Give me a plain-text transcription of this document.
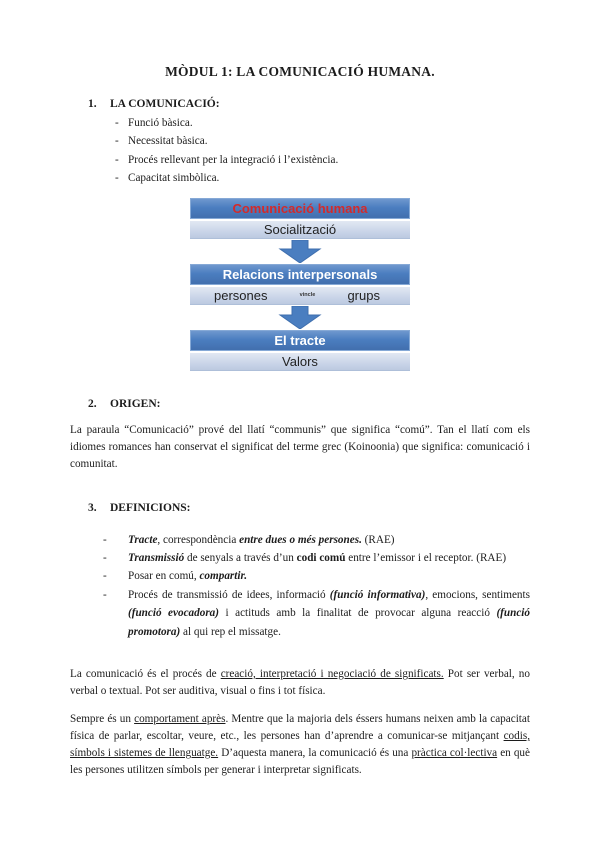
MÒDUL 1: LA COMUNICACIÓ HUMANA.
1.	LA COMUNICACIÓ:
- Funció bàsica.
- Necessitat bàsica.
- Procés rellevant per la integració i l’existència.
- Capacitat simbòlica.
Comunicació humana
Socialització
Relacions interpersonals
persones	vincle grups
El tracte
Valors
2.	ORIGEN:

La paraula “Comunicació” prové del llatí “communis” que significa “comú”. Tan el llatí com els idiomes romances han conservat el significat del terme grec (Koinoonia) que significa: comunicació i comunitat.

3.	DEFINICIONS:
- Tracte, correspondència entre dues o més persones. (RAE)
- Transmissió de senyals a través d’un codi comú entre l’emissor i el receptor. (RAE)
- Posar en comú, compartir.
- Procés de transmissió de idees, informació (funció informativa), emocions, sentiments (funció evocadora) i actituds amb la finalitat de provocar alguna reacció (funció promotora) al qui rep el missatge.

La comunicació és el procés de creació, interpretació i negociació de significats. Pot ser verbal, no verbal o textual. Pot ser auditiva, visual o fins i tot física.

Sempre és un comportament après. Mentre que la majoria dels éssers humans neixen amb la capacitat física de parlar, escoltar, veure, etc., les persones han d’aprendre a comunicar-se mitjançant codis, símbols i sistemes de llenguatge. D’aquesta manera, la comunicació és una pràctica col·lectiva en què les persones utilitzen símbols per generar i interpretar significats.
